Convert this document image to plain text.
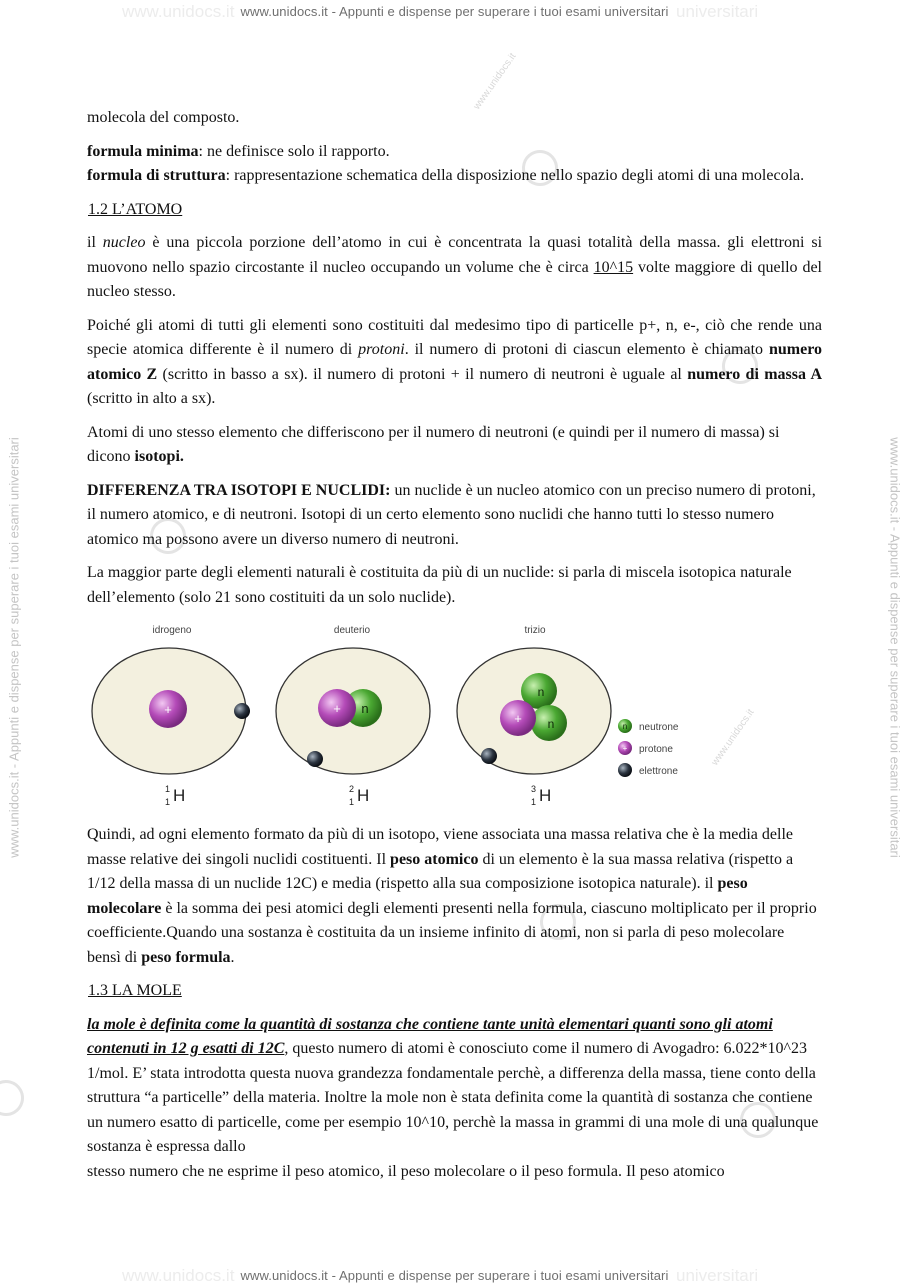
www.unidocs.it	universitari
www.unidocs.it - Appunti e dispense per superare i tuoi esami universitari
www.unidocs.it	universitari
www.unidocs.it - Appunti e dispense per superare i tuoi esami universitari
www.unidocs.it - Appunti e dispense per superare i tuoi esami universitari	www.unidocs.it - Appunti e dispense per superare i tuoi esami universitari
www.unidocs.it
www.unidocs.it

molecola del composto.

formula minima: ne definisce solo il rapporto.

formula di struttura: rappresentazione schematica della disposizione nello spazio degli atomi di una molecola.

1.2 L’ATOMO

il nucleo è una piccola porzione dell’atomo in cui è concentrata la quasi totalità della massa. gli elettroni si muovono nello spazio circostante il nucleo occupando un volume che è circa 10^15 volte maggiore di quello del nucleo stesso.

Poiché gli atomi di tutti gli elementi sono costituiti dal medesimo tipo di particelle p+, n, e-, ciò che rende una specie atomica differente è il numero di protoni. il numero di protoni di ciascun elemento è chiamato numero atomico Z (scritto in basso a sx). il numero di protoni + il numero di neutroni è uguale al numero di massa A (scritto in alto a sx).

Atomi di uno stesso elemento che differiscono per il numero di neutroni (e quindi per il numero di massa) si dicono isotopi.

DIFFERENZA TRA ISOTOPI E NUCLIDI: un nuclide è un nucleo atomico con un preciso numero di protoni, il numero atomico, e di neutroni. Isotopi di un certo elemento sono nuclidi che hanno tutti lo stesso numero atomico ma possono avere un diverso numero di neutroni.

La maggior parte degli elementi naturali è costituita da più di un nuclide: si parla di miscela isotopica naturale dell’elemento (solo 21 sono costituiti da un solo nuclide).

idrogeno
+
H
1
1
deuterio
n
+
H
2
1
trizio
n
n
+
H
3
1
n neutrone
+ protone
elettrone

Quindi, ad ogni elemento formato da più di un isotopo, viene associata una massa relativa che è la media delle masse relative dei singoli nuclidi costituenti. Il peso atomico di un elemento è la sua massa relativa (rispetto a 1/12 della massa di un nuclide 12C) e media (rispetto alla sua composizione isotopica naturale). il peso molecolare è la somma dei pesi atomici degli elementi presenti nella formula, ciascuno moltiplicato per il proprio coefficiente.Quando una sostanza è costituita da un insieme infinito di atomi, non si parla di peso molecolare bensì di peso formula.

1.3 LA MOLE

la mole è definita come la quantità di sostanza che contiene tante unità elementari quanti sono gli atomi contenuti in 12 g esatti di 12C, questo numero di atomi è conosciuto come il numero di Avogadro: 6.022*10^23 1/mol. E’ stata introdotta questa nuova grandezza fondamentale perchè, a differenza della massa, tiene conto della struttura “a particelle” della materia. Inoltre la mole non è stata definita come la quantità di sostanza che contiene un numero esatto di particelle, come per esempio 10^10, perchè la massa in grammi di una mole di una qualunque sostanza è espressa dallo

stesso numero che ne esprime il peso atomico, il peso molecolare o il peso formula. Il peso atomico
